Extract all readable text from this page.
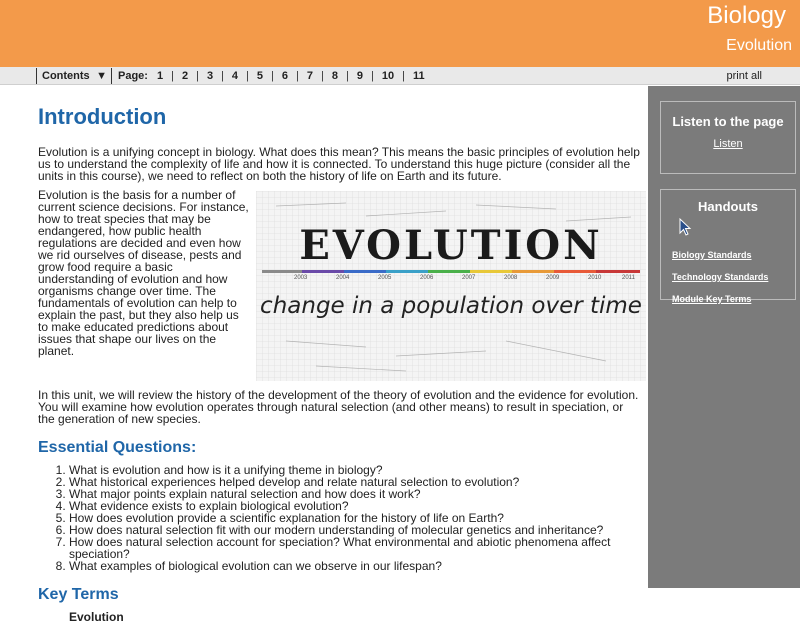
Biology
Evolution
Contents ▼ Page: 1 | 2 | 3 | 4 | 5 | 6 | 7 | 8 | 9 | 10 | 11	print all
Introduction

Evolution is a unifying concept in biology. What does this mean? This means the basic principles of evolution help us to understand the complexity of life and how it is connected. To understand this huge picture (consider all the units in this course), we need to reflect on both the history of life on Earth and its future.

EVOLUTION
2003	2004	2005	2006	2007	2008	2009	2010	2011
change in a population over time

Evolution is the basis for a number of current science decisions. For instance, how to treat species that may be endangered, how public health regulations are decided and even how we rid ourselves of disease, pests and grow food require a basic understanding of evolution and how organisms change over time. The fundamentals of evolution can help to explain the past, but they also help us to make educated predictions about issues that shape our lives on the planet.

In this unit, we will review the history of the development of the theory of evolution and the evidence for evolution. You will examine how evolution operates through natural selection (and other means) to result in speciation, or the generation of new species.

Essential Questions:
1. What is evolution and how is it a unifying theme in biology?
2. What historical experiences helped develop and relate natural selection to evolution?
3. What major points explain natural selection and how does it work?
4. What evidence exists to explain biological evolution?
5. How does evolution provide a scientific explanation for the history of life on Earth?
6. How does natural selection fit with our modern understanding of molecular genetics and inheritance?
7. How does natural selection account for speciation? What environmental and abiotic phenomena affect speciation?
8. What examples of biological evolution can we observe in our lifespan?
Key Terms
Evolution
Listen to the page
Listen
Handouts
Biology Standards
Technology Standards
Module Key Terms
